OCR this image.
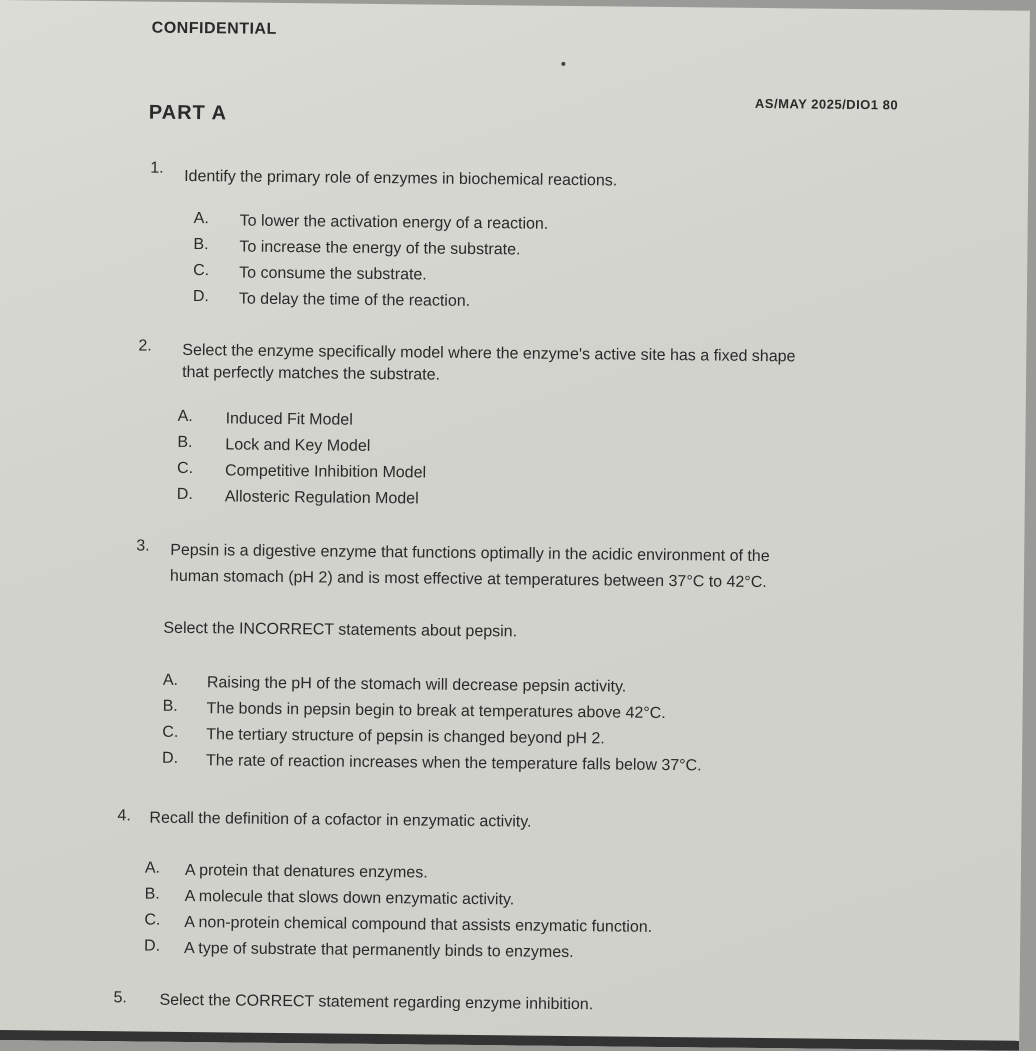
CONFIDENTIAL
AS/MAY 2025/DIO1 80
PART A
1. Identify the primary role of enzymes in biochemical reactions.
A. To lower the activation energy of a reaction.
B. To increase the energy of the substrate.
C. To consume the substrate.
D. To delay the time of the reaction.
2. Select the enzyme specifically model where the enzyme's active site has a fixed shape
that perfectly matches the substrate.
A. Induced Fit Model
B. Lock and Key Model
C. Competitive Inhibition Model
D. Allosteric Regulation Model
3. Pepsin is a digestive enzyme that functions optimally in the acidic environment of the
human stomach (pH 2) and is most effective at temperatures between 37°C to 42°C.
Select the INCORRECT statements about pepsin.
A. Raising the pH of the stomach will decrease pepsin activity.
B. The bonds in pepsin begin to break at temperatures above 42°C.
C. The tertiary structure of pepsin is changed beyond pH 2.
D. The rate of reaction increases when the temperature falls below 37°C.
4. Recall the definition of a cofactor in enzymatic activity.
A. A protein that denatures enzymes.
B. A molecule that slows down enzymatic activity.
C. A non-protein chemical compound that assists enzymatic function.
D. A type of substrate that permanently binds to enzymes.
5. Select the CORRECT statement regarding enzyme inhibition.
